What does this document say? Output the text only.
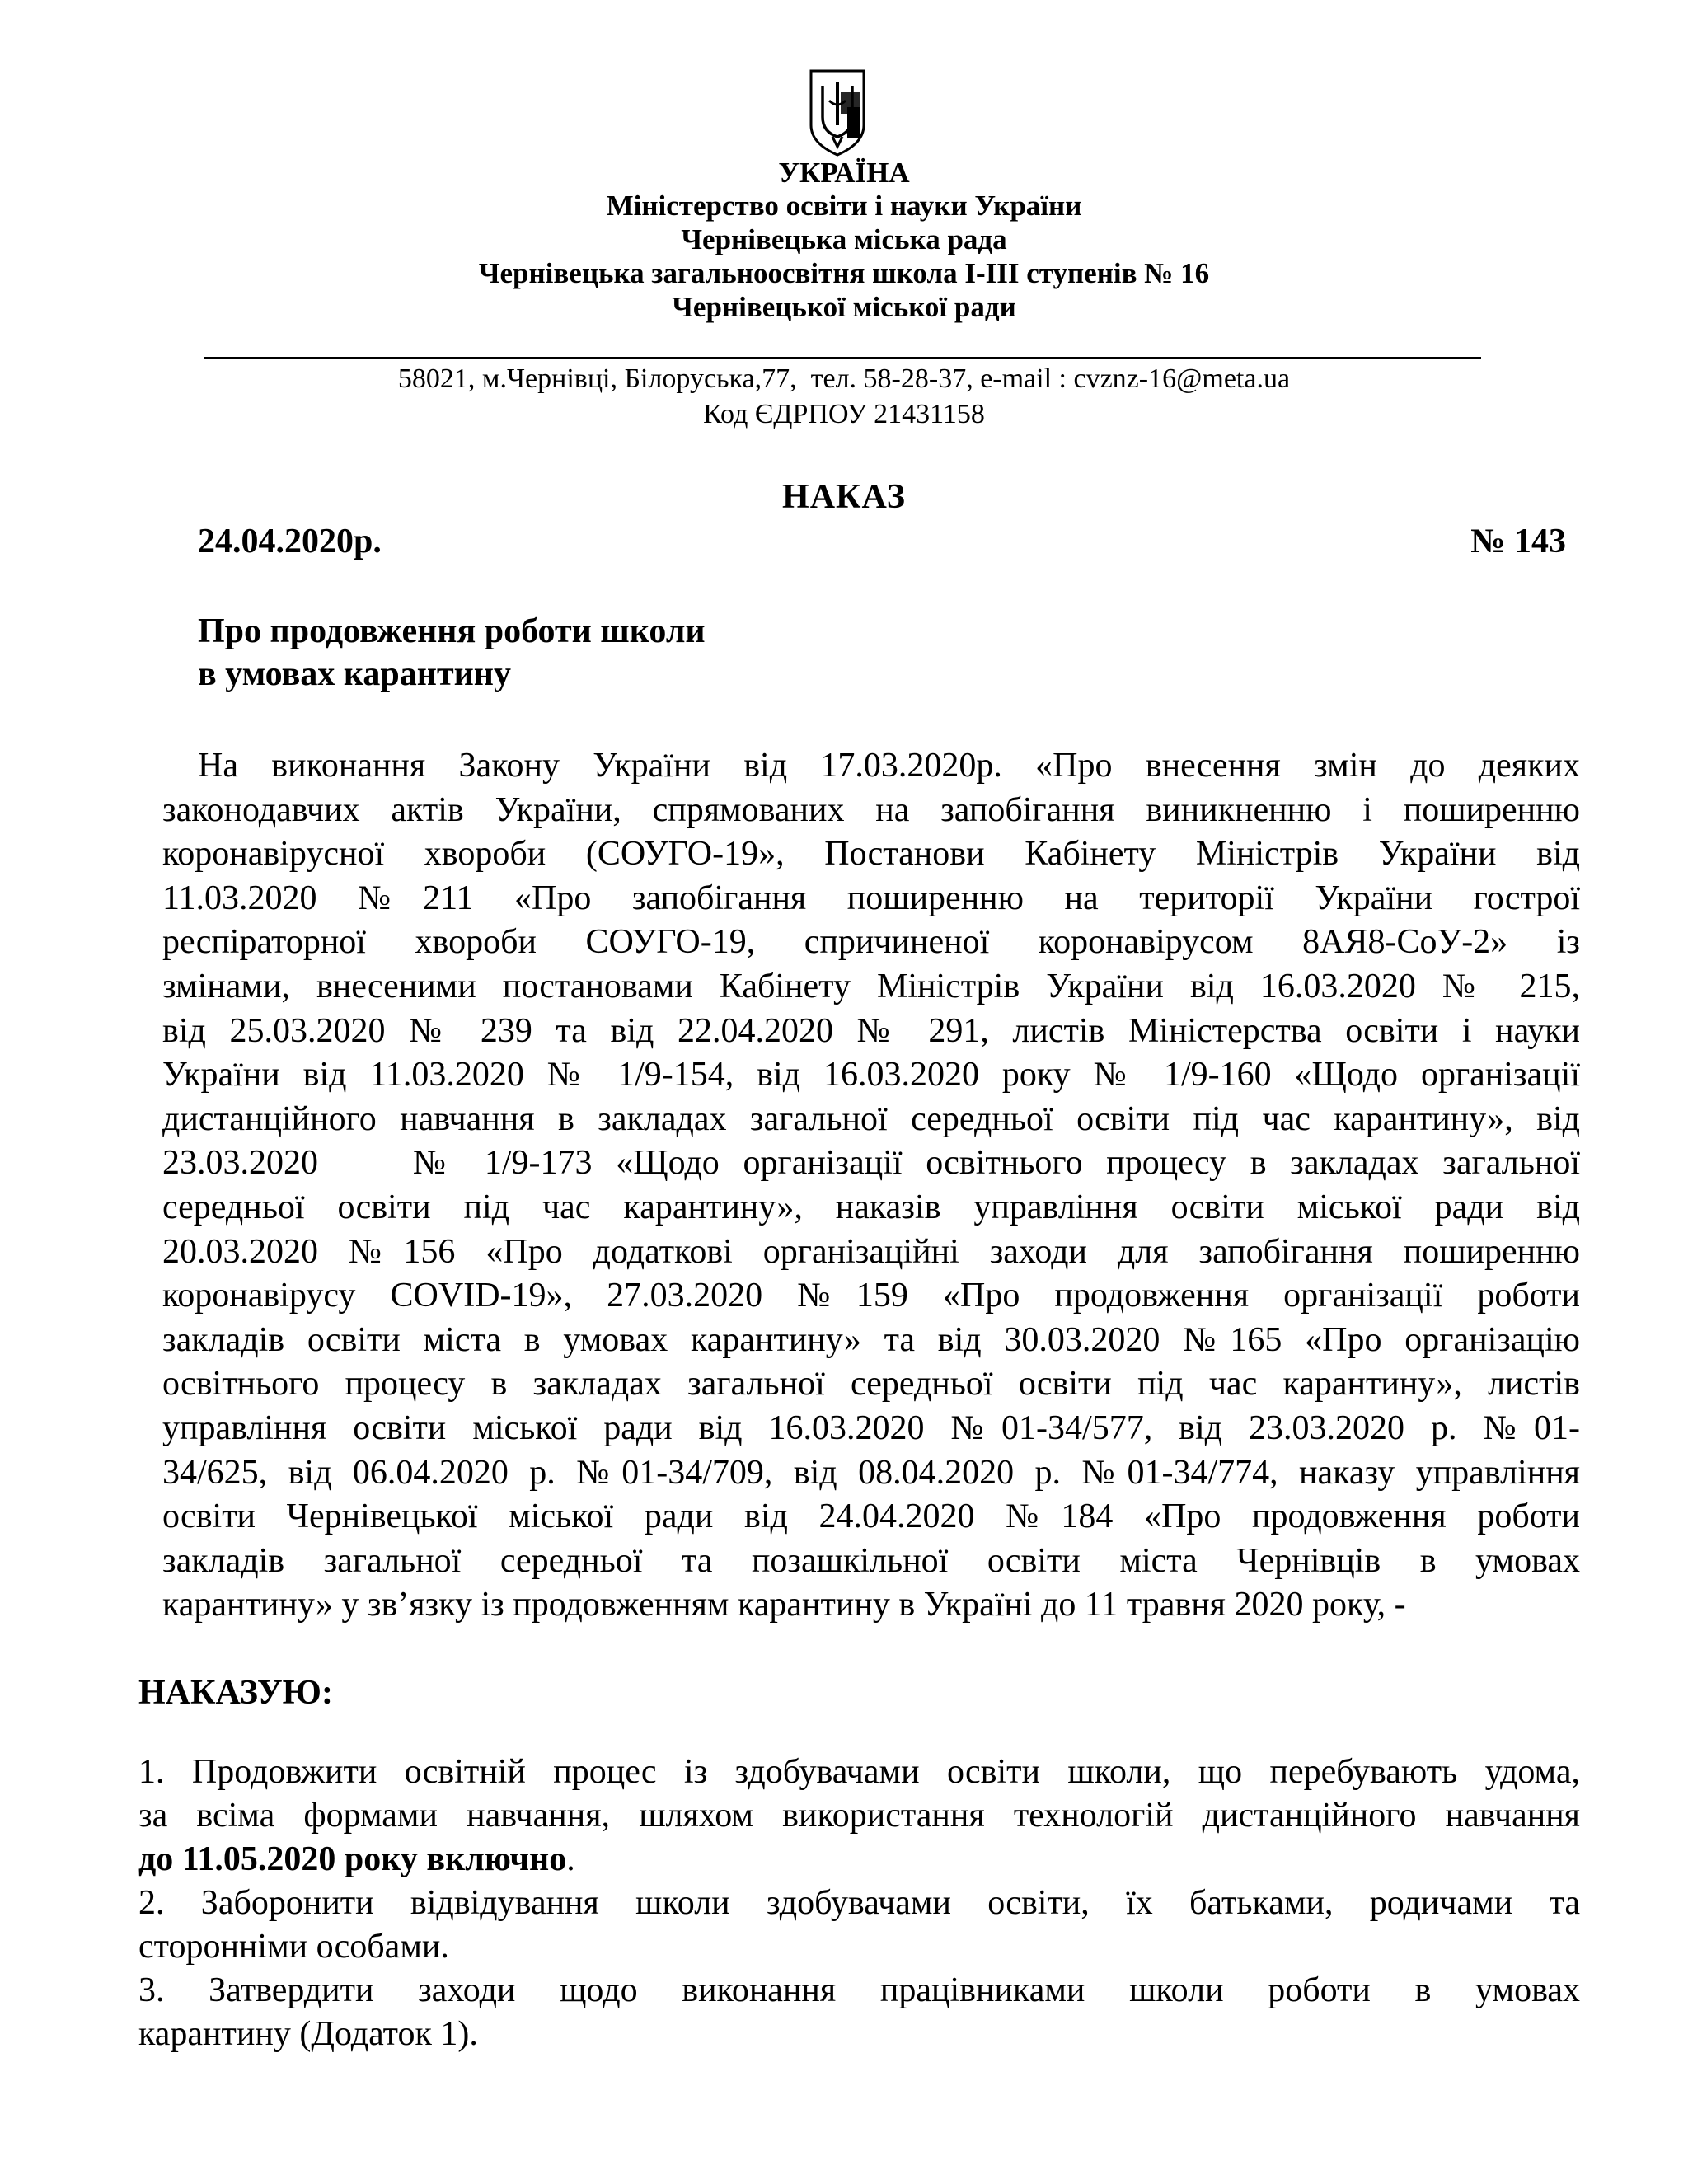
УКРАЇНА

Міністерство освіти і науки України

Чернівецька міська рада

Чернівецька загальноосвітня школа І-ІІІ ступенів № 16

Чернівецької міської ради

58021, м.Чернівці, Білоруська,77,  тел. 58-28-37, e-mail : cvznz-16@meta.ua

Код ЄДРПОУ 21431158

НАКАЗ

24.04.2020р.	№ 143
Про продовження роботи школи
в умовах карантину
На виконання Закону України від 17.03.2020р. «Про внесення змін до деяких
законодавчих актів України, спрямованих на запобігання виникненню і поширенню
коронавірусної хвороби (СОУГО-19», Постанови Кабінету Міністрів України від
11.03.2020 №211 «Про запобігання поширенню на території України гострої
респіраторної хвороби СОУГО-19, спричиненої коронавірусом 8АЯ8-СоУ-2» із
змінами, внесеними постановами Кабінету Міністрів України від 16.03.2020 № 215,
від 25.03.2020 № 239 та від 22.04.2020 № 291, листів Міністерства освіти і науки
України від 11.03.2020 № 1/9-154, від 16.03.2020 року № 1/9-160 «Щодо організації
дистанційного навчання в закладах загальної середньої освіти під час карантину», від
23.03.2020    № 1/9-173 «Щодо організації освітнього процесу в закладах загальної
середньої освіти під час карантину», наказів управління освіти міської ради від
20.03.2020 №156 «Про додаткові організаційні заходи для запобігання поширенню
коронавірусу COVID-19», 27.03.2020 №159 «Про продовження організації роботи
закладів освіти міста в умовах карантину» та від 30.03.2020 №165 «Про організацію
освітнього процесу в закладах загальної середньої освіти під час карантину», листів
управління освіти міської ради від 16.03.2020 №01-34/577, від 23.03.2020 р. №01-
34/625, від 06.04.2020 р. №01-34/709, від 08.04.2020 р. №01-34/774, наказу управління
освіти Чернівецької міської ради від 24.04.2020 №184 «Про продовження роботи
закладів загальної середньої та позашкільної освіти міста Чернівців в умовах
карантину» у зв’язку із продовженням карантину в Україні до 11 травня 2020 року, -
НАКАЗУЮ:
1. Продовжити освітній процес із здобувачами освіти школи, що перебувають удома,
за всіма формами навчання, шляхом використання технологій дистанційного навчання
до 11.05.2020 року включно.
2. Заборонити відвідування школи здобувачами освіти, їх батьками, родичами та
сторонніми особами.
3. Затвердити заходи щодо виконання працівниками школи роботи в умовах
карантину (Додаток 1).
